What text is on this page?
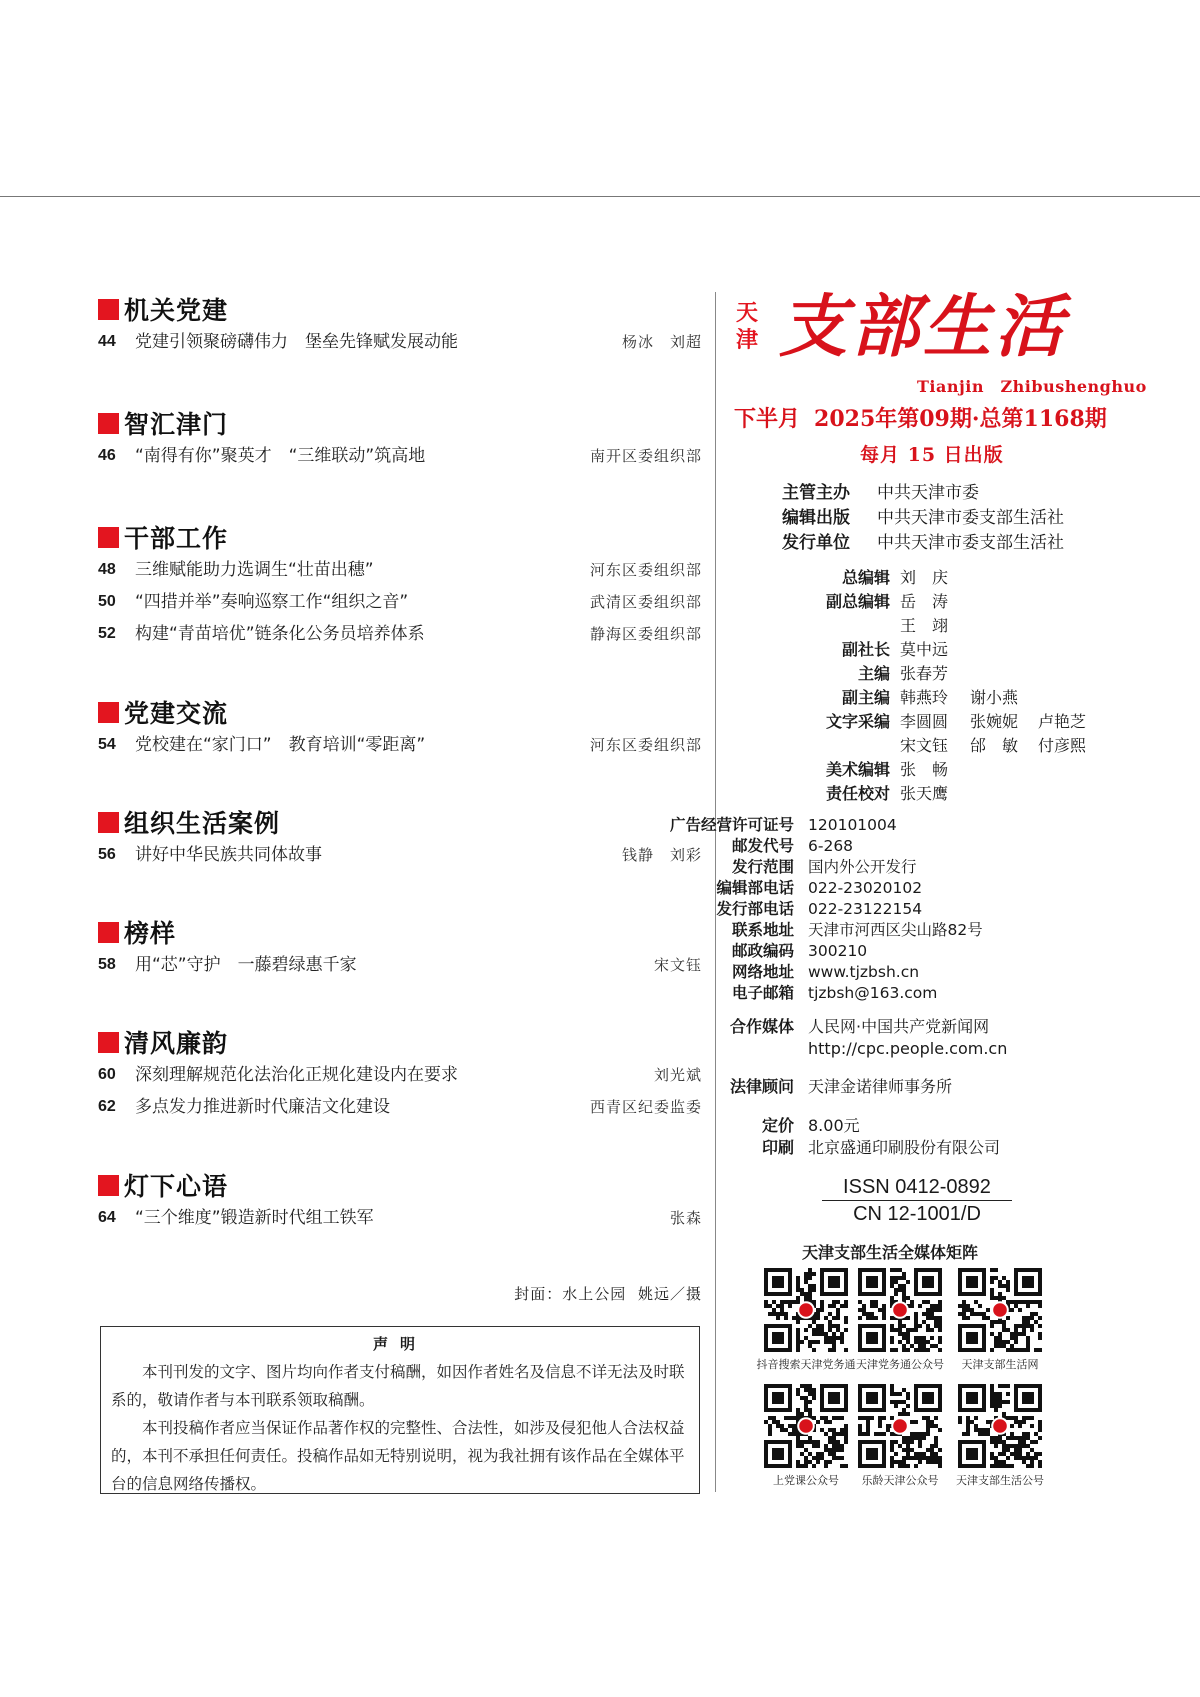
机关党建
44	党建引领聚磅礴伟力　堡垒先锋赋发展动能	杨冰　刘超
智汇津门
46	“南得有你”聚英才　“三维联动”筑高地	南开区委组织部
干部工作
48	三维赋能助力选调生“壮苗出穗”	河东区委组织部
50	“四措并举”奏响巡察工作“组织之音”	武清区委组织部
52	构建“青苗培优”链条化公务员培养体系	静海区委组织部
党建交流
54	党校建在“家门口”　教育培训“零距离”	河东区委组织部
组织生活案例
56	讲好中华民族共同体故事	钱静　刘彩
榜样
58	用“芯”守护　一藤碧绿惠千家	宋文钰
清风廉韵
60	深刻理解规范化法治化正规化建设内在要求	刘光斌
62	多点发力推进新时代廉洁文化建设	西青区纪委监委
灯下心语
64	“三个维度”锻造新时代组工铁军	张森
封面：水上公园 姚远／摄
声明

本刊刊发的文字、图片均向作者支付稿酬，如因作者姓名及信息不详无法及时联系的，敬请作者与本刊联系领取稿酬。

本刊投稿作者应当保证作品著作权的完整性、合法性，如涉及侵犯他人合法权益的，本刊不承担任何责任。投稿作品如无特别说明，视为我社拥有该作品在全媒体平台的信息网络传播权。

天津 支部生活
Tianjin　Zhibushenghuo
下半月 2025年第09期·总第1168期
每月 15 日出版
主管主办 中共天津市委
编辑出版 中共天津市委支部生活社
发行单位 中共天津市委支部生活社
总编辑 刘　庆
副总编辑 岳　涛
王　翊
副社长 莫中远
主编 张春芳
副主编 韩燕玲 谢小燕
文字采编 李圆圆 张婉妮 卢艳芝
宋文钰 邰　敏 付彦熙
美术编辑 张　畅
责任校对 张天鹰
广告经营许可证号 120101004
邮发代号 6-268
发行范围 国内外公开发行
编辑部电话 022-23020102
发行部电话 022-23122154
联系地址 天津市河西区尖山路82号
邮政编码 300210
网络地址 www.tjzbsh.cn
电子邮箱 tjzbsh@163.com
合作媒体 人民网·中国共产党新闻网
http://cpc.people.com.cn
法律顾问 天津金诺律师事务所
定价 8.00元
印刷 北京盛通印刷股份有限公司
ISSN 0412-0892
CN 12-1001/D
天津支部生活全媒体矩阵
抖音搜索天津党务通 天津党务通公众号	天津支部生活网
上党课公众号	乐龄天津公众号	天津支部生活公号
